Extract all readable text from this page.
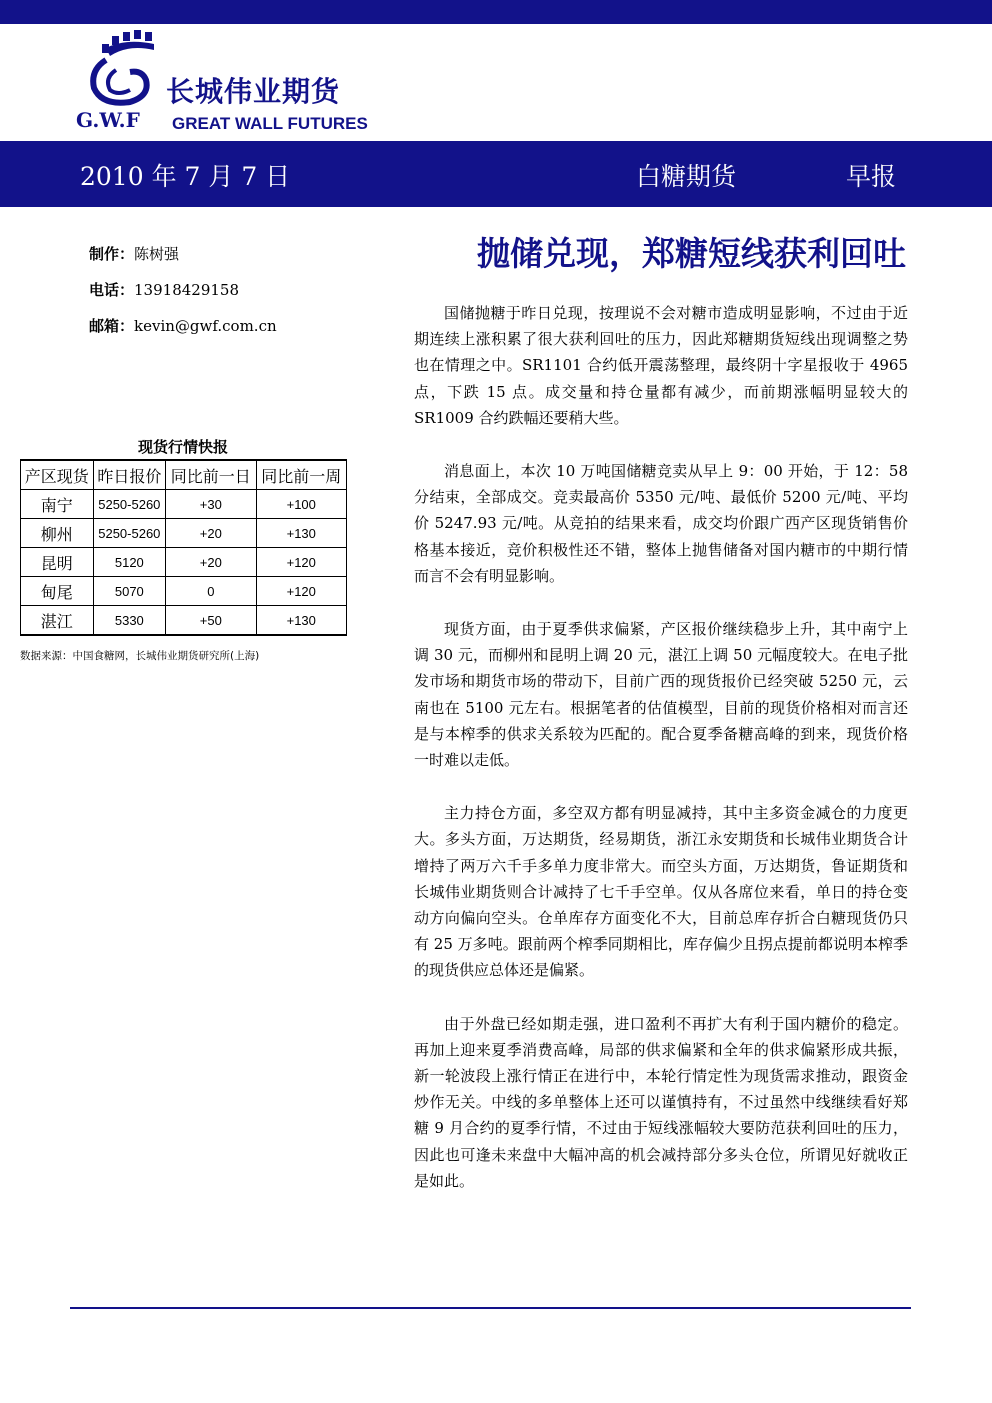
长城伟业期货
G.W.F GREAT WALL FUTURES
2010 年 7 月 7 日	白糖期货	早报
抛储兑现，郑糖短线获利回吐
制作：陈树强
电话：13918429158
邮箱：kevin@gwf.com.cn
现货行情快报
产区现货	昨日报价	同比前一日	同比前一周
南宁	5250-5260	+30	+100
柳州	5250-5260	+20	+130
昆明	5120	+20	+120
甸尾	5070	0	+120
湛江	5330	+50	+130
数据来源：中国食糖网，长城伟业期货研究所(上海)

国储抛糖于昨日兑现，按理说不会对糖市造成明显影响，不过由于近期连续上涨积累了很大获利回吐的压力，因此郑糖期货短线出现调整之势也在情理之中。SR1101 合约低开震荡整理，最终阴十字星报收于 4965 点，下跌 15 点。成交量和持仓量都有减少，而前期涨幅明显较大的 SR1009 合约跌幅还要稍大些。

消息面上，本次 10 万吨国储糖竞卖从早上 9：00 开始，于 12：58 分结束，全部成交。竞卖最高价 5350 元/吨、最低价 5200 元/吨、平均价 5247.93 元/吨。从竞拍的结果来看，成交均价跟广西产区现货销售价格基本接近，竞价积极性还不错，整体上抛售储备对国内糖市的中期行情而言不会有明显影响。

现货方面，由于夏季供求偏紧，产区报价继续稳步上升，其中南宁上调 30 元，而柳州和昆明上调 20 元，湛江上调 50 元幅度较大。在电子批发市场和期货市场的带动下，目前广西的现货报价已经突破 5250 元，云南也在 5100 元左右。根据笔者的估值模型，目前的现货价格相对而言还是与本榨季的供求关系较为匹配的。配合夏季备糖高峰的到来，现货价格一时难以走低。

主力持仓方面，多空双方都有明显减持，其中主多资金减仓的力度更大。多头方面，万达期货，经易期货，浙江永安期货和长城伟业期货合计增持了两万六千手多单力度非常大。而空头方面，万达期货，鲁证期货和长城伟业期货则合计减持了七千手空单。仅从各席位来看，单日的持仓变动方向偏向空头。仓单库存方面变化不大，目前总库存折合白糖现货仍只有 25 万多吨。跟前两个榨季同期相比，库存偏少且拐点提前都说明本榨季的现货供应总体还是偏紧。

由于外盘已经如期走强，进口盈利不再扩大有利于国内糖价的稳定。再加上迎来夏季消费高峰，局部的供求偏紧和全年的供求偏紧形成共振，新一轮波段上涨行情正在进行中，本轮行情定性为现货需求推动，跟资金炒作无关。中线的多单整体上还可以谨慎持有，不过虽然中线继续看好郑糖 9 月合约的夏季行情，不过由于短线涨幅较大要防范获利回吐的压力，因此也可逢未来盘中大幅冲高的机会减持部分多头仓位，所谓见好就收正是如此。
